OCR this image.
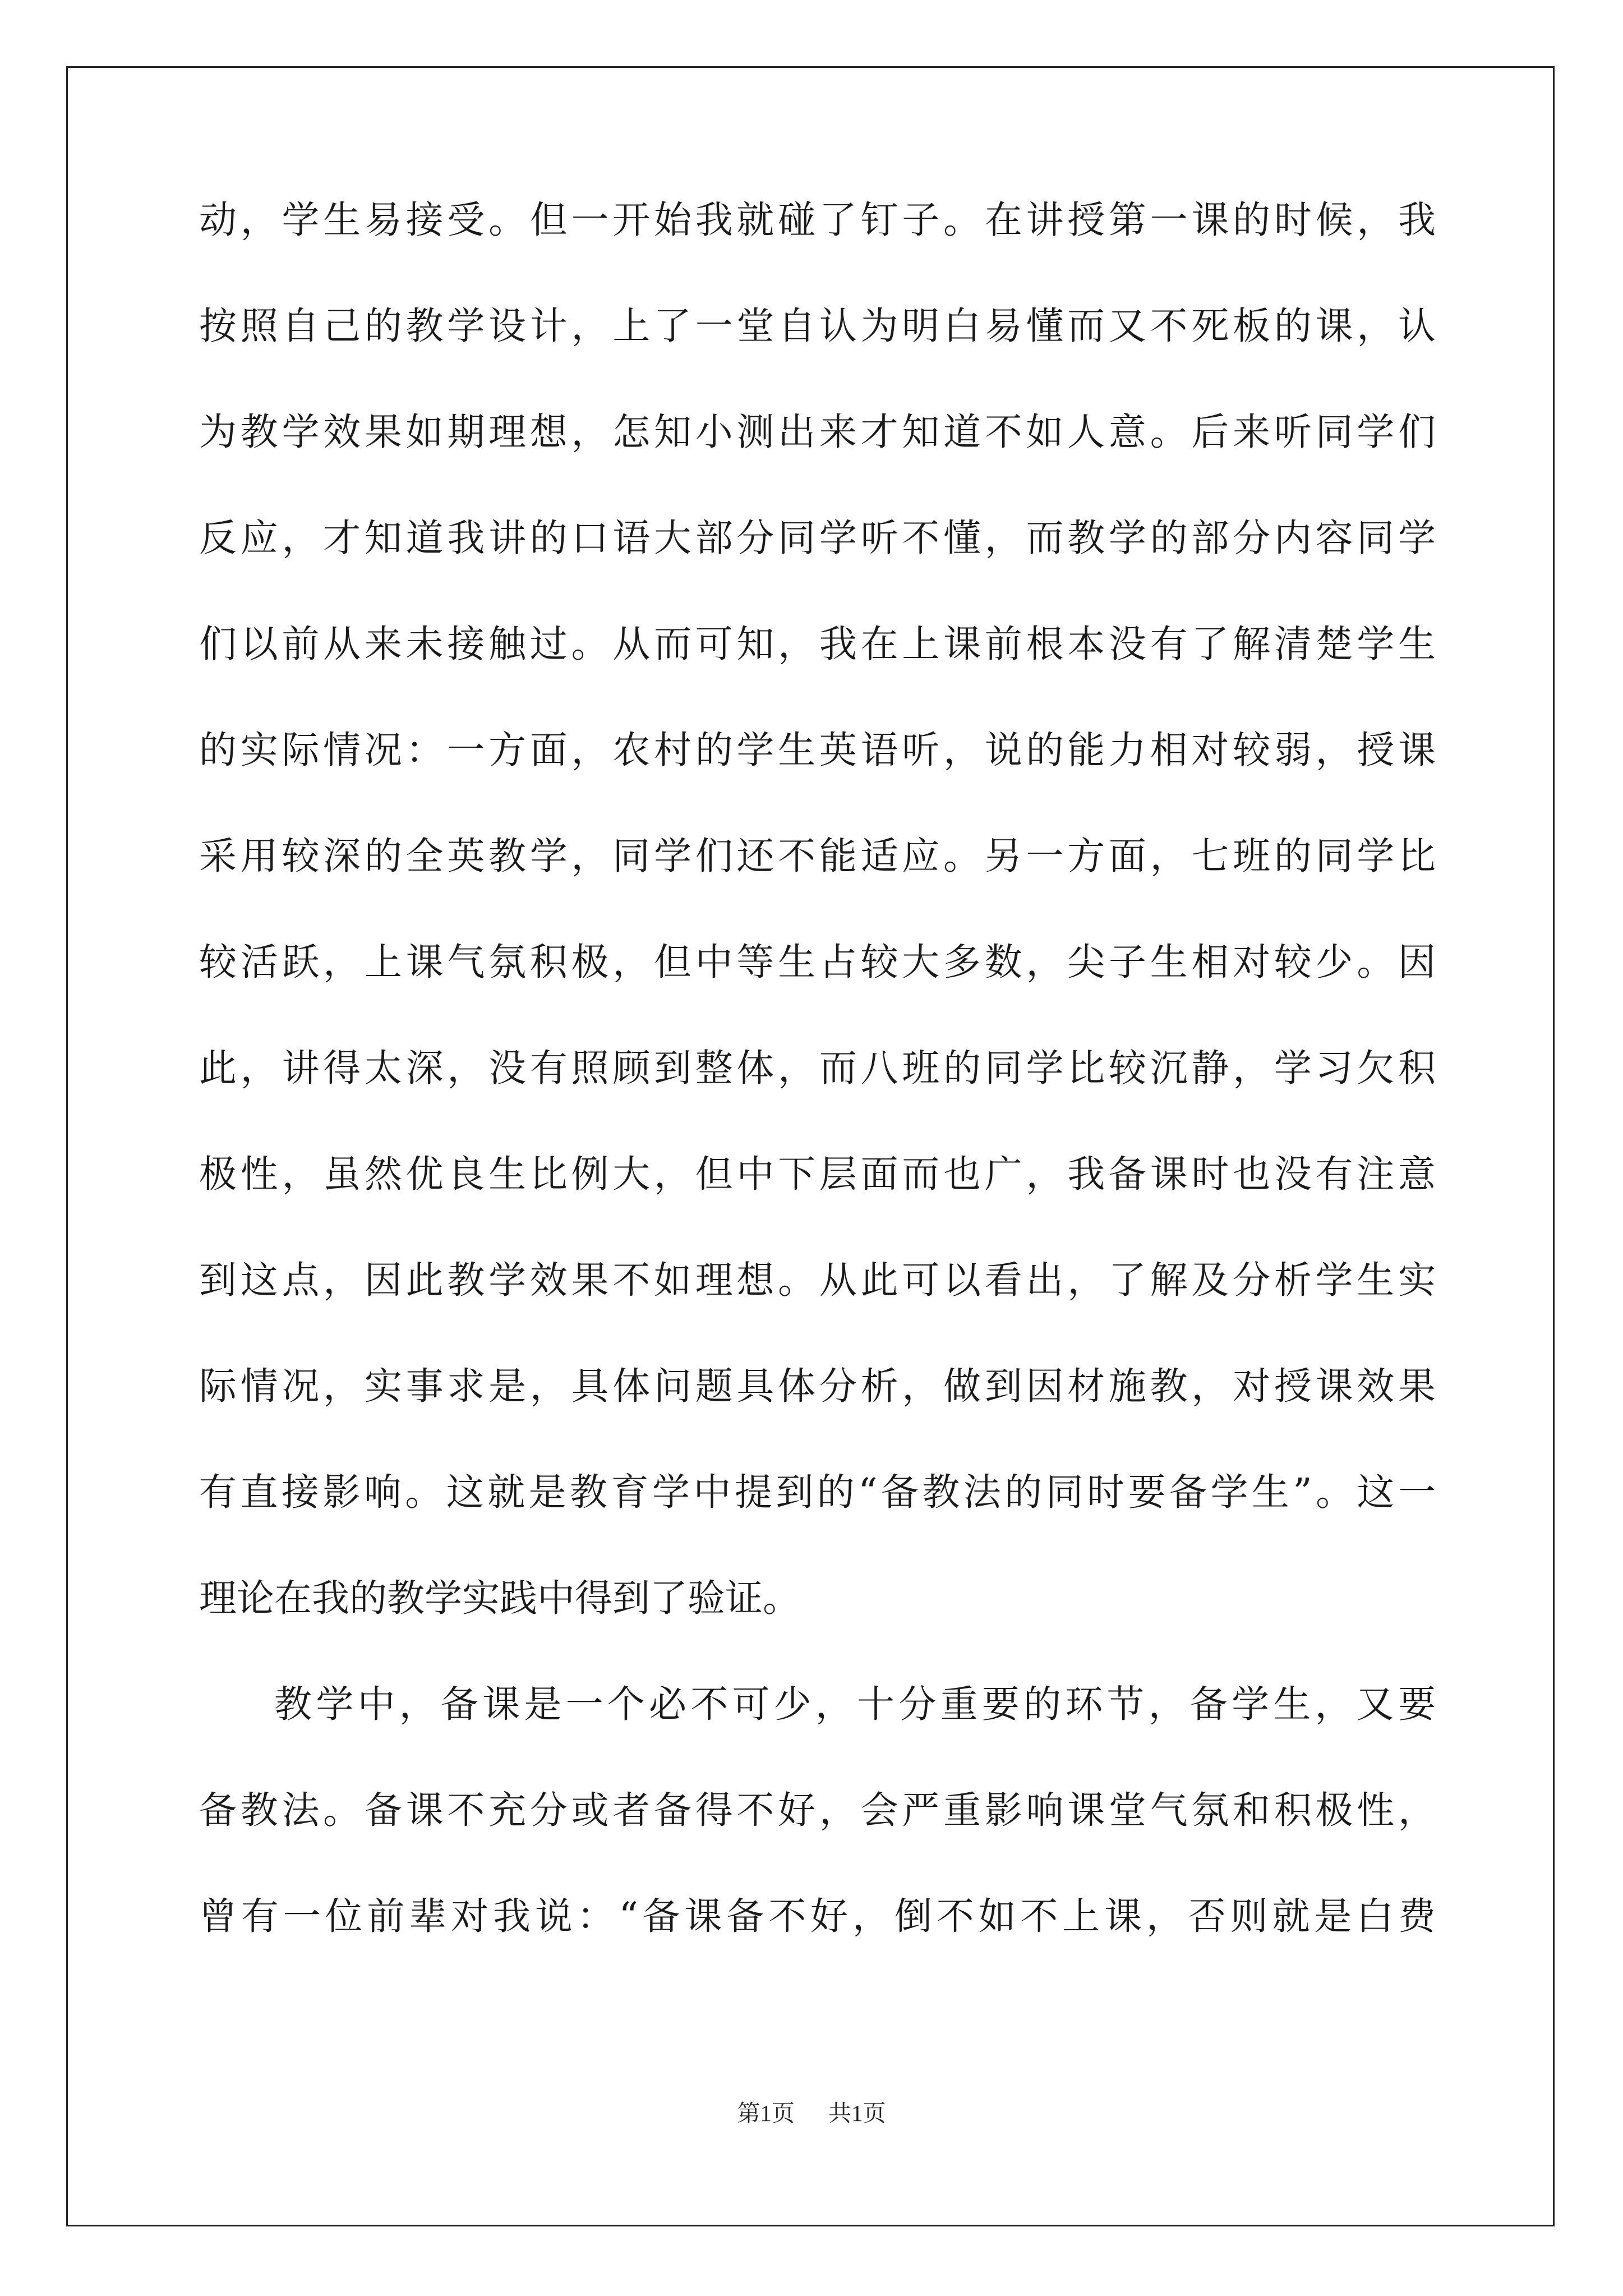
动，学生易接受。但一开始我就碰了钉子。在讲授第一课的时候，我
按照自己的教学设计，上了一堂自认为明白易懂而又不死板的课，认
为教学效果如期理想，怎知小测出来才知道不如人意。后来听同学们
反应，才知道我讲的口语大部分同学听不懂，而教学的部分内容同学
们以前从来未接触过。从而可知，我在上课前根本没有了解清楚学生
的实际情况：一方面，农村的学生英语听，说的能力相对较弱，授课
采用较深的全英教学，同学们还不能适应。另一方面，七班的同学比
较活跃，上课气氛积极，但中等生占较大多数，尖子生相对较少。因
此，讲得太深，没有照顾到整体，而八班的同学比较沉静，学习欠积
极性，虽然优良生比例大，但中下层面而也广，我备课时也没有注意
到这点，因此教学效果不如理想。从此可以看出，了解及分析学生实
际情况，实事求是，具体问题具体分析，做到因材施教，对授课效果
有直接影响。这就是教育学中提到的“备教法的同时要备学生”。这一
理论在我的教学实践中得到了验证。
教学中，备课是一个必不可少，十分重要的环节，备学生，又要
备教法。备课不充分或者备得不好，会严重影响课堂气氛和积极性，
曾有一位前辈对我说：“备课备不好，倒不如不上课，否则就是白费
第1页 共1页
